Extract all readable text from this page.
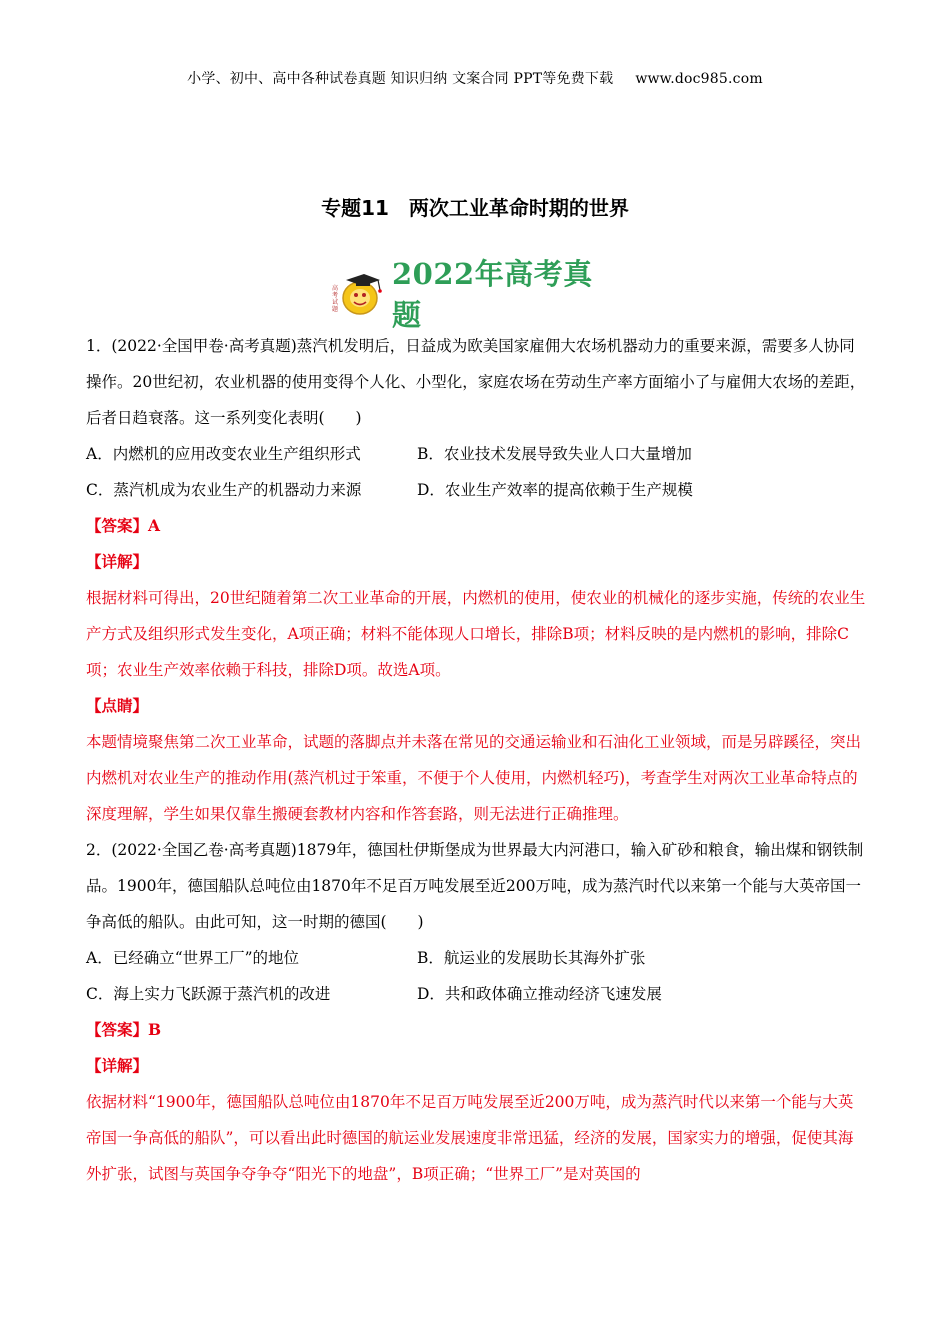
小学、初中、高中各种试卷真题 知识归纳 文案合同 PPT等免费下载 www.doc985.com
专题11 两次工业革命时期的世界
高考试题
2022年高考真题

1．(2022·全国甲卷·高考真题)蒸汽机发明后，日益成为欧美国家雇佣大农场机器动力的重要来源，需要多人协同操作。20世纪初，农业机器的使用变得个人化、小型化，家庭农场在劳动生产率方面缩小了与雇佣大农场的差距，后者日趋衰落。这一系列变化表明(　　)

A．内燃机的应用改变农业生产组织形式	B．农业技术发展导致失业人口大量增加
C．蒸汽机成为农业生产的机器动力来源	D．农业生产效率的提高依赖于生产规模

【答案】A

【详解】

根据材料可得出，20世纪随着第二次工业革命的开展，内燃机的使用，使农业的机械化的逐步实施，传统的农业生产方式及组织形式发生变化，A项正确；材料不能体现人口增长，排除B项；材料反映的是内燃机的影响，排除C项；农业生产效率依赖于科技，排除D项。故选A项。

【点睛】

本题情境聚焦第二次工业革命，试题的落脚点并未落在常见的交通运输业和石油化工业领域，而是另辟蹊径，突出内燃机对农业生产的推动作用(蒸汽机过于笨重，不便于个人使用，内燃机轻巧)，考查学生对两次工业革命特点的深度理解，学生如果仅靠生搬硬套教材内容和作答套路，则无法进行正确推理。

2．(2022·全国乙卷·高考真题)1879年，德国杜伊斯堡成为世界最大内河港口，输入矿砂和粮食，输出煤和钢铁制品。1900年，德国船队总吨位由1870年不足百万吨发展至近200万吨，成为蒸汽时代以来第一个能与大英帝国一争高低的船队。由此可知，这一时期的德国(　　)

A．已经确立“世界工厂”的地位	B．航运业的发展助长其海外扩张
C．海上实力飞跃源于蒸汽机的改进	D．共和政体确立推动经济飞速发展

【答案】B

【详解】

依据材料“1900年，德国船队总吨位由1870年不足百万吨发展至近200万吨，成为蒸汽时代以来第一个能与大英帝国一争高低的船队”，可以看出此时德国的航运业发展速度非常迅猛，经济的发展，国家实力的增强，促使其海外扩张，试图与英国争夺争夺“阳光下的地盘”，B项正确；“世界工厂”是对英国的
